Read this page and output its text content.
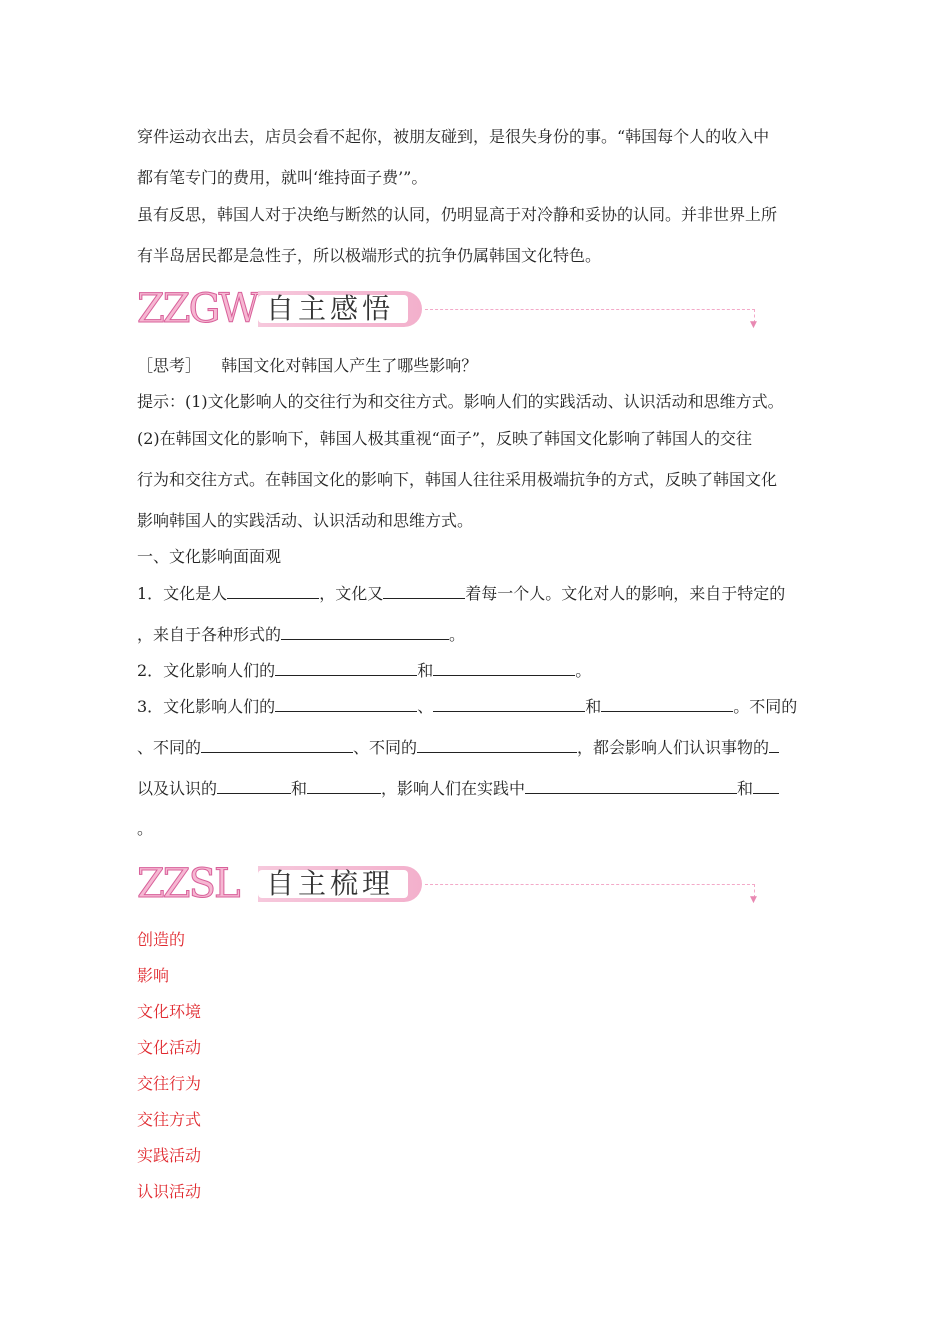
穿件运动衣出去，店员会看不起你，被朋友碰到，是很失身份的事。“韩国每个人的收入中
都有笔专门的费用，就叫‘维持面子费’”。
虽有反思，韩国人对于决绝与断然的认同，仍明显高于对冷静和妥协的认同。并非世界上所
有半岛居民都是急性子，所以极端形式的抗争仍属韩国文化特色。
ZZGW 自主感悟	▼
［思考］ 韩国文化对韩国人产生了哪些影响？
提示：(1)文化影响人的交往行为和交往方式。影响人们的实践活动、认识活动和思维方式。
(2)在韩国文化的影响下，韩国人极其重视“面子”，反映了韩国文化影响了韩国人的交往
行为和交往方式。在韩国文化的影响下，韩国人往往采用极端抗争的方式，反映了韩国文化
影响韩国人的实践活动、认识活动和思维方式。
一、文化影响面面观
1．文化是人	，文化又	着每一个人。文化对人的影响，来自于特定的
，来自于各种形式的	。
2．文化影响人们的	和	。
3．文化影响人们的	、	和	。不同的
、不同的	、不同的	，都会影响人们认识事物的
以及认识的	和	，影响人们在实践中	和
。
ZZSL 自主梳理	▼
创造的
影响
文化环境
文化活动
交往行为
交往方式
实践活动
认识活动
